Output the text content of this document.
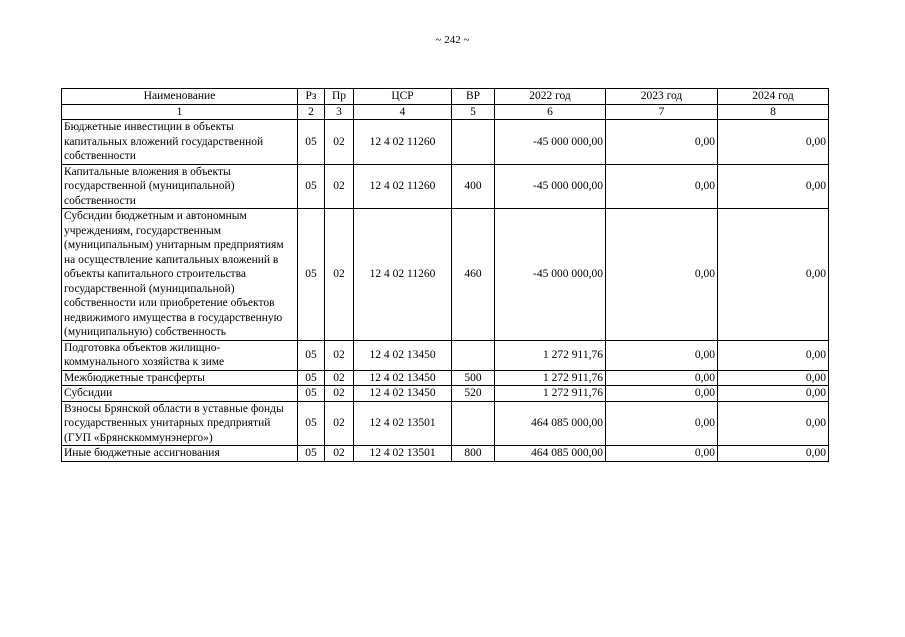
~ 242 ~
Наименование	Рз	Пр	ЦСР	ВР	2022 год	2023 год	2024 год
1	2	3	4	5	6	7	8
Бюджетные инвестиции в объекты капитальных вложений государственной собственности	05	02	12 4 02 11260		-45 000 000,00	0,00	0,00
Капитальные вложения в объекты государственной (муниципальной) собственности	05	02	12 4 02 11260	400	-45 000 000,00	0,00	0,00
Субсидии бюджетным и автономным учреждениям, государственным (муниципальным) унитарным предприятиям на осуществление капитальных вложений в объекты капитального строительства государственной (муниципальной) собственности или приобретение объектов недвижимого имущества в государственную (муниципальную) собственность	05	02	12 4 02 11260	460	-45 000 000,00	0,00	0,00
Подготовка объектов жилищно-коммунального хозяйства к зиме	05	02	12 4 02 13450		1 272 911,76	0,00	0,00
Межбюджетные трансферты	05	02	12 4 02 13450	500	1 272 911,76	0,00	0,00
Субсидии	05	02	12 4 02 13450	520	1 272 911,76	0,00	0,00
Взносы Брянской области в уставные фонды государственных унитарных предприятий (ГУП «Брянсккоммунэнерго»)	05	02	12 4 02 13501		464 085 000,00	0,00	0,00
Иные бюджетные ассигнования	05	02	12 4 02 13501	800	464 085 000,00	0,00	0,00
